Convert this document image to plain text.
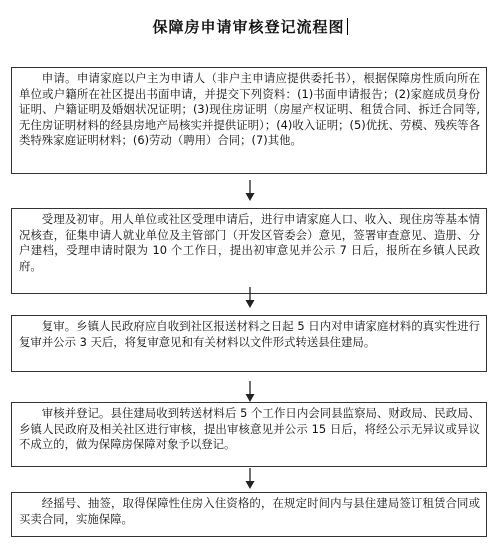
保障房申请审核登记流程图
申请。申请家庭以户主为申请人（非户主申请应提供委托书），根据保障房性质向所在单位或户籍所在社区提出书面申请，并提交下列资料：(1)书面申请报告；(2)家庭成员身份证明、户籍证明及婚姻状况证明；(3)现住房证明（房屋产权证明、租赁合同、拆迁合同等,无住房证明材料的经县房地产局核实并提供证明）；(4)收入证明；(5)优抚、劳模、残疾等各类特殊家庭证明材料；(6)劳动（聘用）合同；(7)其他。
受理及初审。用人单位或社区受理申请后，进行申请家庭人口、收入、现住房等基本情况核查，征集申请人就业单位及主管部门（开发区管委会）意见，签署审查意见、造册、分户建档，受理申请时限为 10 个工作日，提出初审意见并公示 7 日后，报所在乡镇人民政府。
复审。乡镇人民政府应自收到社区报送材料之日起 5 日内对申请家庭材料的真实性进行复审并公示 3 天后，将复审意见和有关材料以文件形式转送县住建局。
审核并登记。县住建局收到转送材料后 5 个工作日内会同县监察局、财政局、民政局、乡镇人民政府及相关社区进行审核，提出审核意见并公示 15 日后，将经公示无异议或异议不成立的，做为保障房保障对象予以登记。
经摇号、抽签，取得保障性住房入住资格的，在规定时间内与县住建局签订租赁合同或买卖合同，实施保障。
